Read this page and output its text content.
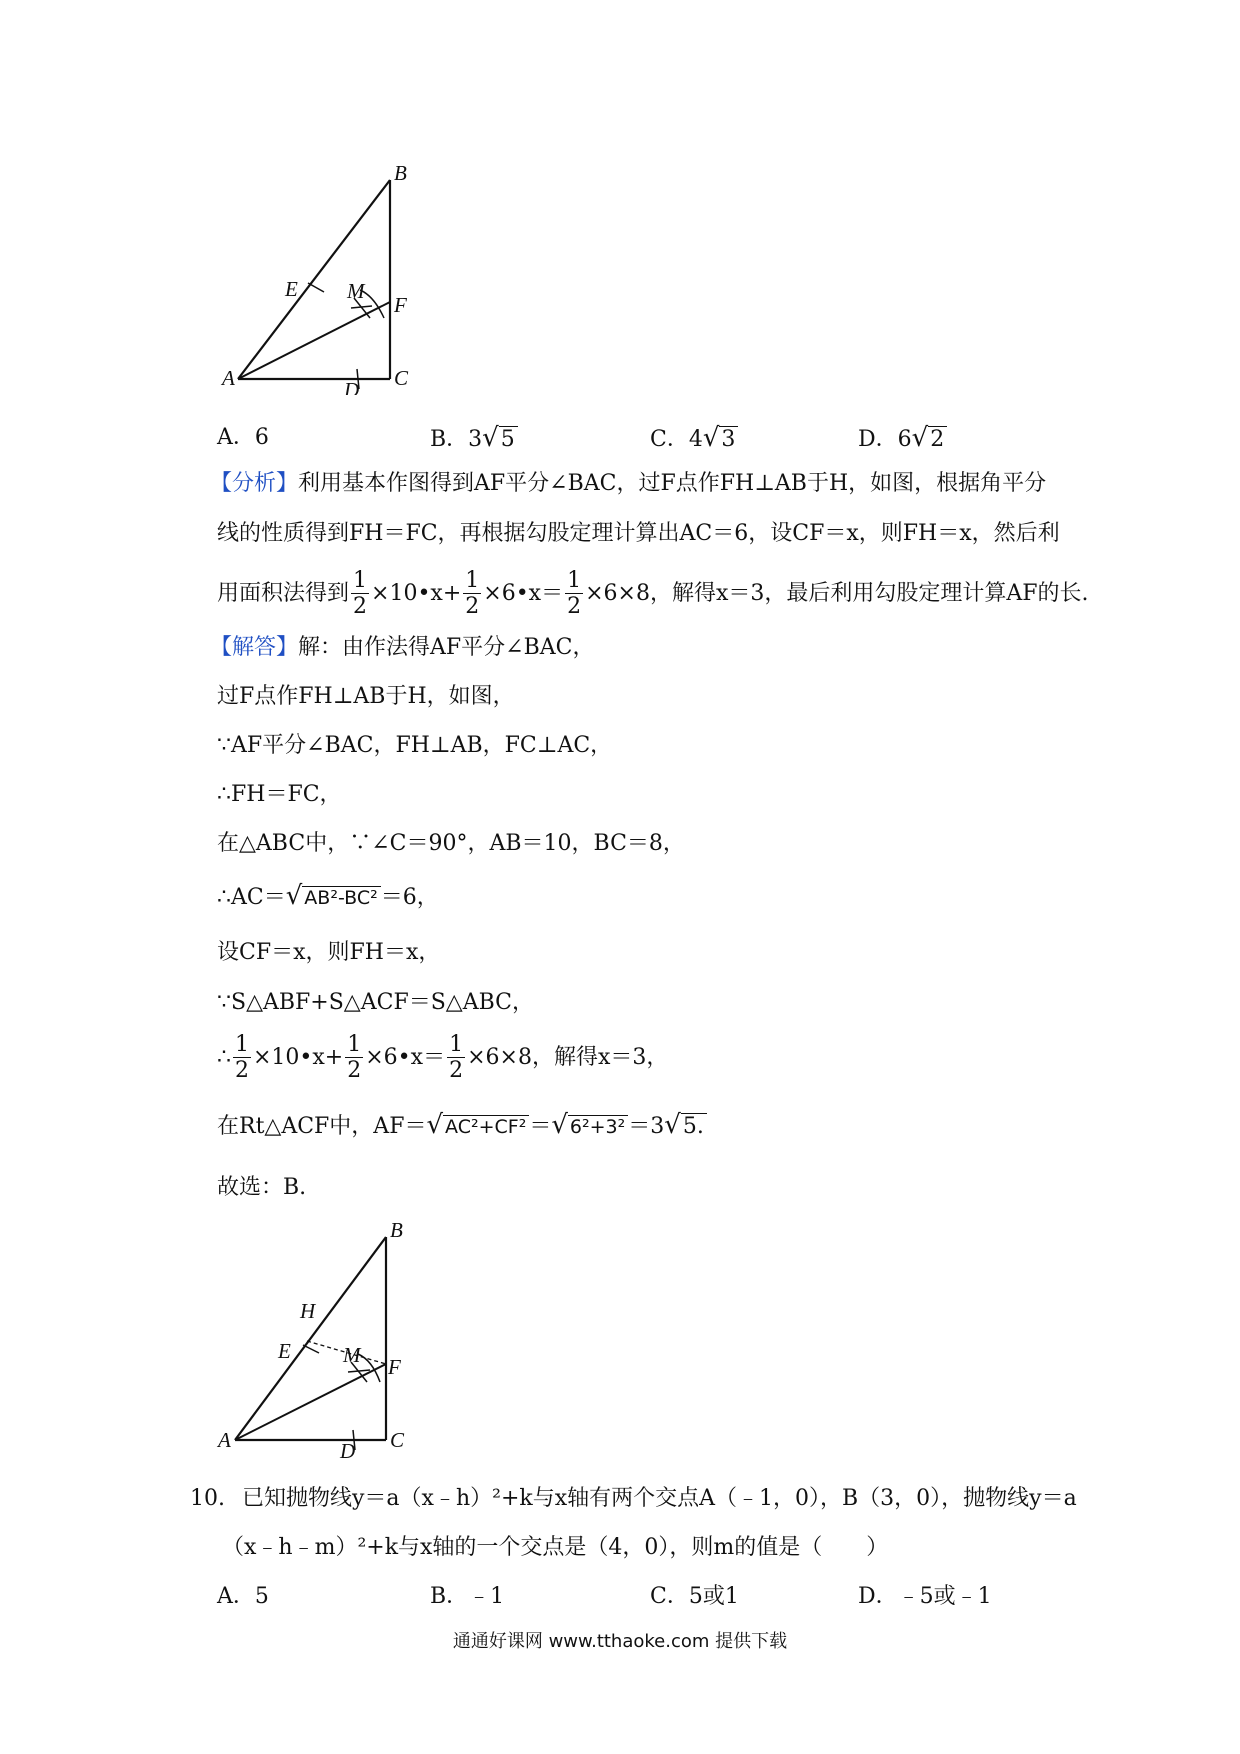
B
E M
F
A	D C
A．6	B．3√5	C．4√3	D．6√2
【分析】利用基本作图得到AF平分∠BAC，过F点作FH⊥AB于H，如图，根据角平分
线的性质得到FH＝FC，再根据勾股定理计算出AC＝6，设CF＝x，则FH＝x，然后利
用面积法得到 $\frac{1}{2}$ ×10•x+ $\frac{1}{2}$ ×6•x＝ $\frac{1}{2} \times 6\times 8$，解得x＝3，最后利用勾股定理计算AF的长.
【解答】解：由作法得AF平分∠BAC，
过F点作FH⊥AB于H，如图，
∵AF平分∠BAC，FH⊥AB，FC⊥AC，
∴FH＝FC，
在△ABC中，∵∠C＝90°，AB＝10，BC＝8，
∴AC＝√ AB²-BC² ＝6，
设CF＝x，则FH＝x，
∵S△ABF+S△ACF＝S△ABC，
∴ $\frac{1}{2}$ ×10•x+ $\frac{1}{2}$ ×6•x＝ $\frac{1}{2} \times 6\times 8$，解得x＝3，
在Rt△ACF中，AF＝√ AC²+CF² ＝√ 6²+3² ＝3√5.
故选：B.
B
H
E M F
A	D C
10. 已知抛物线y＝a（x﹣h）²+k与x轴有两个交点A（﹣1，0），B（3，0），抛物线y＝a
（x﹣h﹣m）²+k与x轴的一个交点是（4，0），则m的值是（　　）
A．5	B．﹣1	C．5或1	D．﹣5或﹣1
通通好课网 www.tthaoke.com 提供下载
